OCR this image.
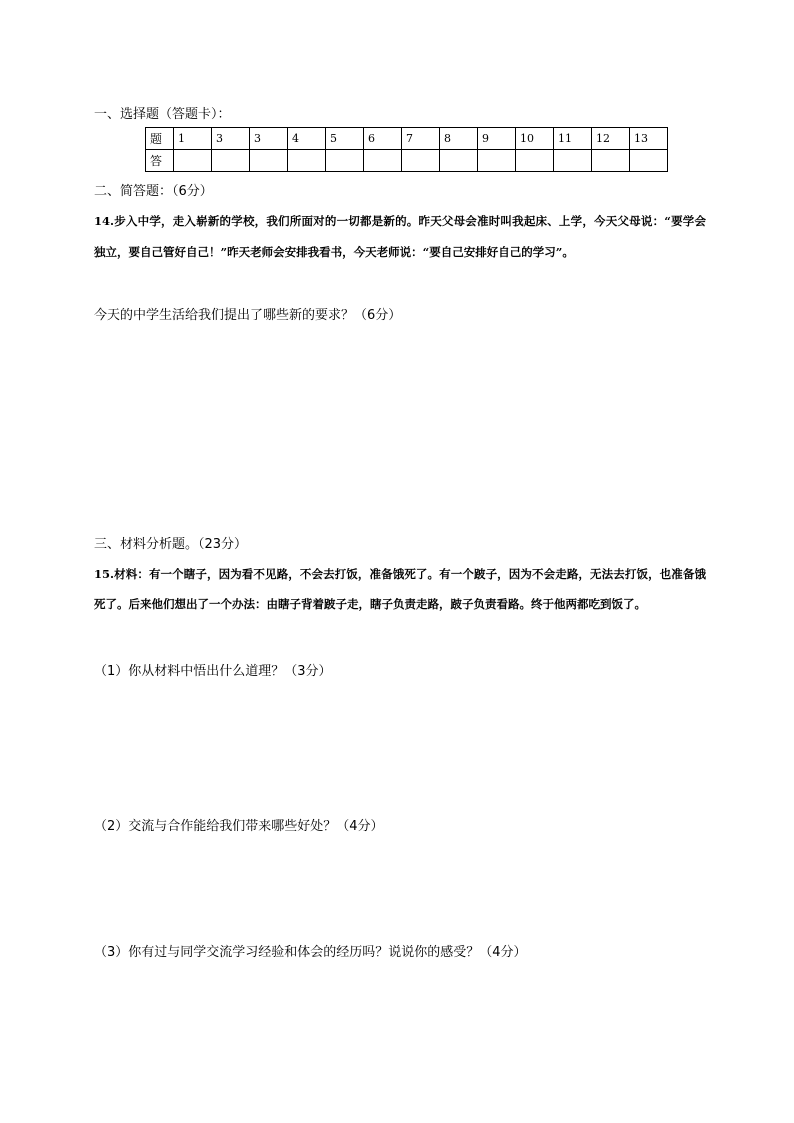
一、选择题（答题卡）：
题	1	3	3	4	5	6	7	8	9	10	11	12	13
答													
二、简答题：（6分）
14.步入中学，走入崭新的学校，我们所面对的一切都是新的。昨天父母会准时叫我起床、上学，今天父母说：“要学会独立，要自己管好自己！”昨天老师会安排我看书，今天老师说：“要自己安排好自己的学习”。
今天的中学生活给我们提出了哪些新的要求？（6分）
三、材料分析题。（23分）
15.材料：有一个瞎子，因为看不见路，不会去打饭，准备饿死了。有一个跛子，因为不会走路，无法去打饭，也准备饿死了。后来他们想出了一个办法：由瞎子背着跛子走，瞎子负责走路，跛子负责看路。终于他两都吃到饭了。
（1）你从材料中悟出什么道理？（3分）
（2）交流与合作能给我们带来哪些好处？（4分）
（3）你有过与同学交流学习经验和体会的经历吗？说说你的感受？（4分）
